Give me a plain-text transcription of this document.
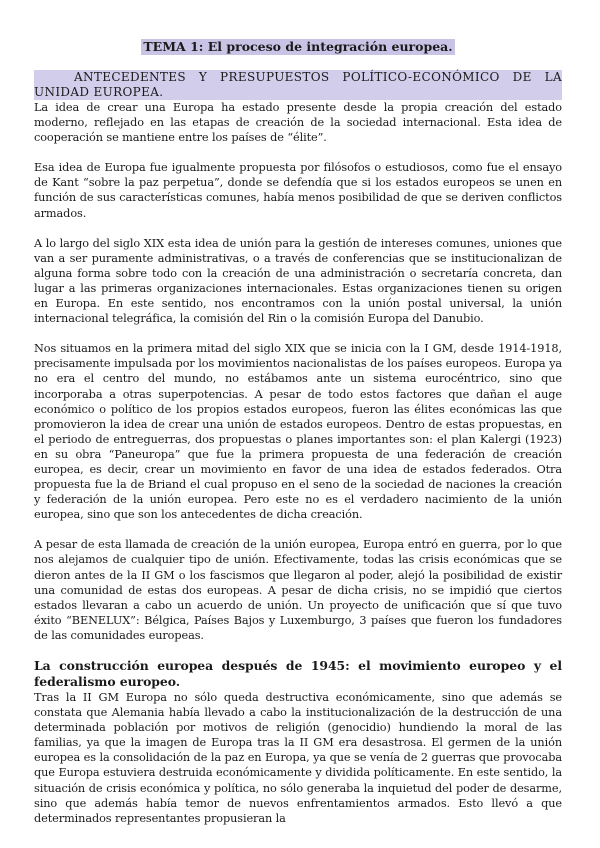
TEMA 1: El proceso de integración europea.

ANTECEDENTES Y PRESUPUESTOS POLÍTICO-ECONÓMICO DE LA UNIDAD EUROPEA.

La idea de crear una Europa ha estado presente desde la propia creación del estado moderno, reflejado en las etapas de creación de la sociedad internacional. Esta idea de cooperación se mantiene entre los países de “élite”.

Esa idea de Europa fue igualmente propuesta por filósofos o estudiosos, como fue el ensayo de Kant “sobre la paz perpetua”, donde se defendía que si los estados europeos se unen en función de sus características comunes, había menos posibilidad de que se deriven conflictos armados.

A lo largo del siglo XIX esta idea de unión para la gestión de intereses comunes, uniones que van a ser puramente administrativas, o a través de conferencias que se institucionalizan de alguna forma sobre todo con la creación de una administración o secretaría concreta, dan lugar a las primeras organizaciones internacionales. Estas organizaciones tienen su origen en Europa. En este sentido, nos encontramos con la unión postal universal, la unión internacional telegráfica, la comisión del Rin o la comisión Europa del Danubio.

Nos situamos en la primera mitad del siglo XIX que se inicia con la I GM, desde 1914-1918, precisamente impulsada por los movimientos nacionalistas de los países europeos. Europa ya no era el centro del mundo, no estábamos ante un sistema eurocéntrico, sino que incorporaba a otras superpotencias. A pesar de todo estos factores que dañan el auge económico o político de los propios estados europeos, fueron las élites económicas las que promovieron la idea de crear una unión de estados europeos. Dentro de estas propuestas, en el periodo de entreguerras, dos propuestas o planes importantes son: el plan Kalergi (1923) en su obra “Paneuropa” que fue la primera propuesta de una federación de creación europea, es decir, crear un movimiento en favor de una idea de estados federados. Otra propuesta fue la de Briand el cual propuso en el seno de la sociedad de naciones la creación y federación de la unión europea. Pero este no es el verdadero nacimiento de la unión europea, sino que son los antecedentes de dicha creación.

A pesar de esta llamada de creación de la unión europea, Europa entró en guerra, por lo que nos alejamos de cualquier tipo de unión. Efectivamente, todas las crisis económicas que se dieron antes de la II GM o los fascismos que llegaron al poder, alejó la posibilidad de existir una comunidad de estas dos europeas. A pesar de dicha crisis, no se impidió que ciertos estados llevaran a cabo un acuerdo de unión. Un proyecto de unificación que sí que tuvo éxito “BENELUX”: Bélgica, Países Bajos y Luxemburgo, 3 países que fueron los fundadores de las comunidades europeas.

La construcción europea después de 1945: el movimiento europeo y el federalismo europeo.

Tras la II GM Europa no sólo queda destructiva económicamente, sino que además se constata que Alemania había llevado a cabo la institucionalización de la destrucción de una determinada población por motivos de religión (genocidio) hundiendo la moral de las familias, ya que la imagen de Europa tras la II GM era desastrosa. El germen de la unión europea es la consolidación de la paz en Europa, ya que se venía de 2 guerras que provocaba que Europa estuviera destruida económicamente y dividida políticamente. En este sentido, la situación de crisis económica y política, no sólo generaba la inquietud del poder de desarme, sino que además había temor de nuevos enfrentamientos armados. Esto llevó a que determinados representantes propusieran la
